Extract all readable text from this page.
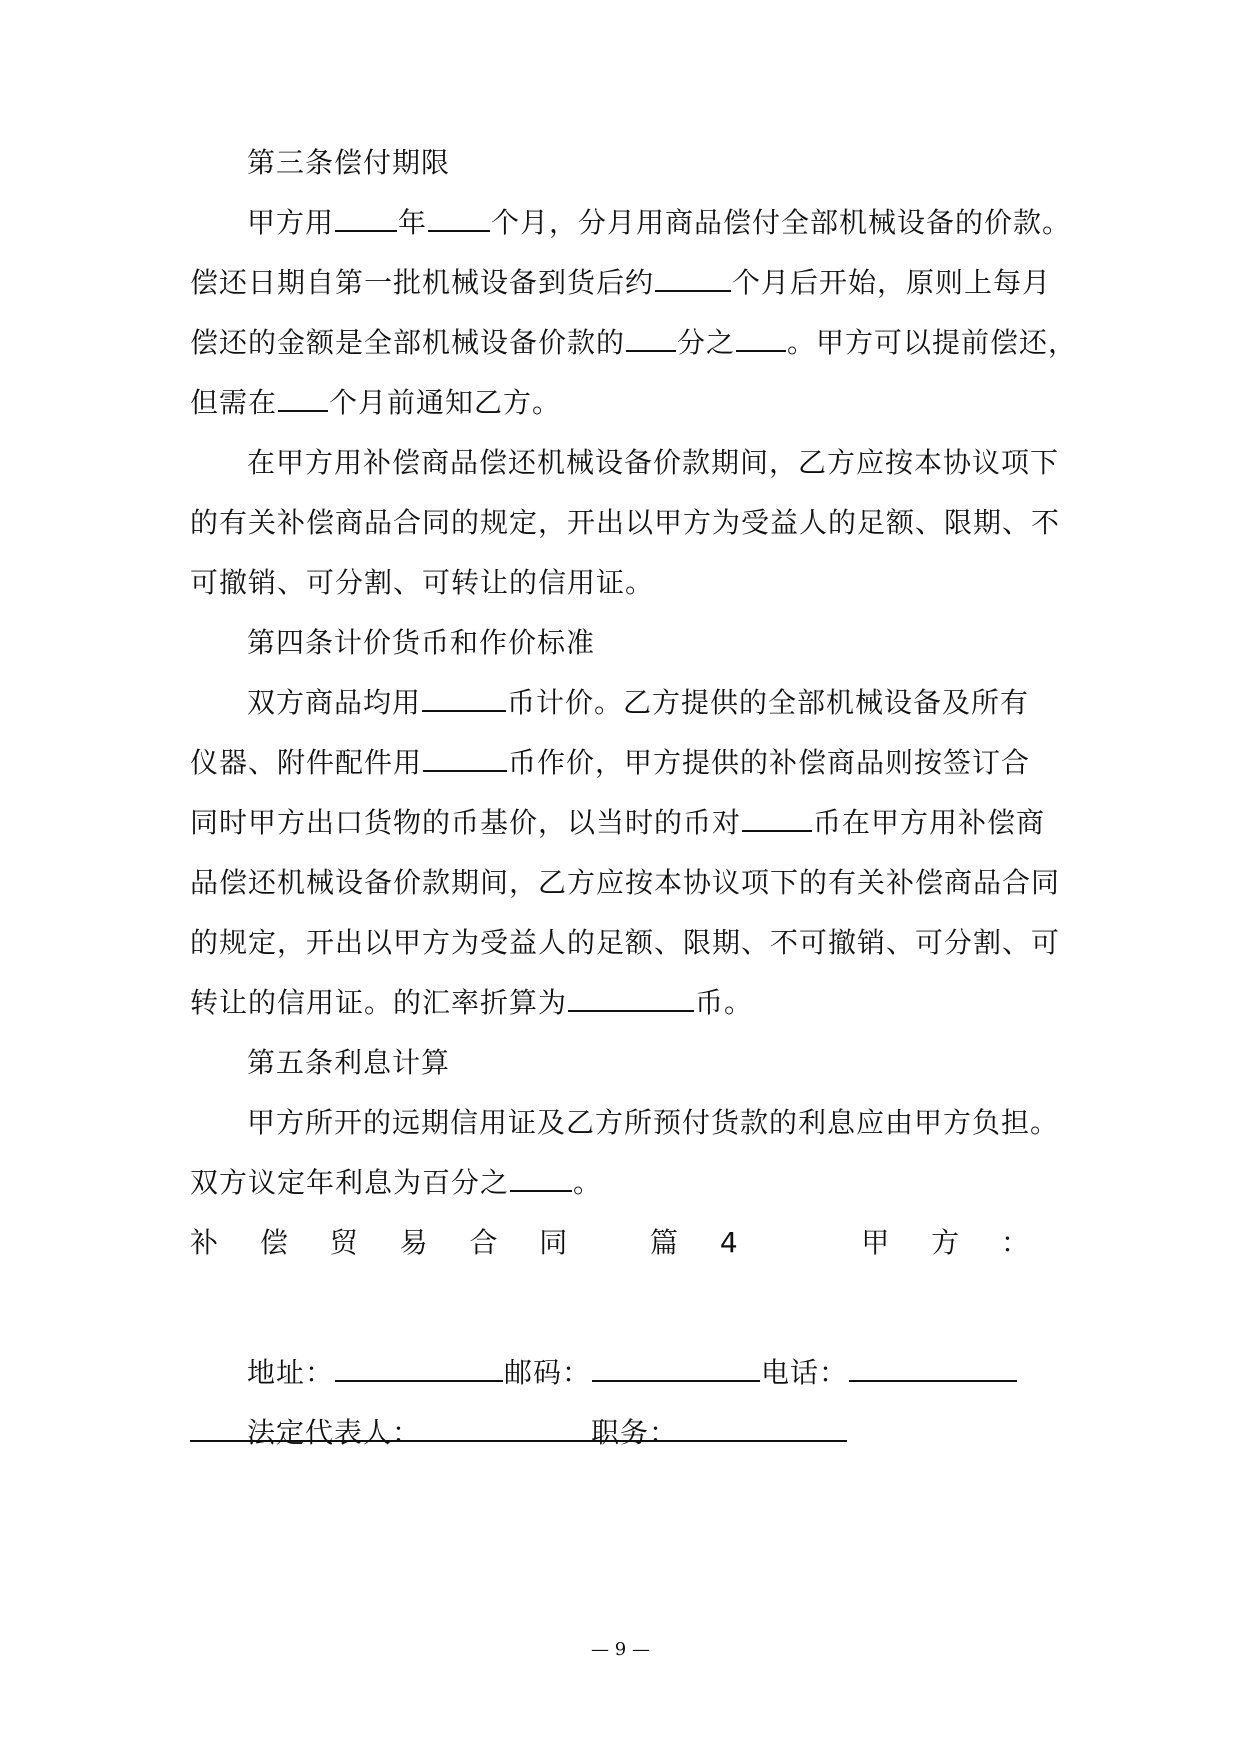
第三条偿付期限
甲方用 年 个月，分月用商品偿付全部机械设备的价款。
偿还日期自第一批机械设备到货后约	个月后开始，原则上每月
偿还的金额是全部机械设备价款的 分之 。甲方可以提前偿还，
但需在 个月前通知乙方。
在甲方用补偿商品偿还机械设备价款期间，乙方应按本协议项下
的有关补偿商品合同的规定，开出以甲方为受益人的足额、限期、不
可撤销、可分割、可转让的信用证。
第四条计价货币和作价标准
双方商品均用	币计价。乙方提供的全部机械设备及所有
仪器、附件配件用	币作价，甲方提供的补偿商品则按签订合
同时甲方出口货物的币基价，以当时的币对	币在甲方用补偿商
品偿还机械设备价款期间，乙方应按本协议项下的有关补偿商品合同
的规定，开出以甲方为受益人的足额、限期、不可撤销、可分割、可
转让的信用证。的汇率折算为	币。
第五条利息计算
甲方所开的远期信用证及乙方所预付货款的利息应由甲方负担。
双方议定年利息为百分之 。
补 偿 贸 易 合 同	篇 4	甲 方 ：
地址：	邮码：	电话：
法定代表人：	职务：
— 9 —
